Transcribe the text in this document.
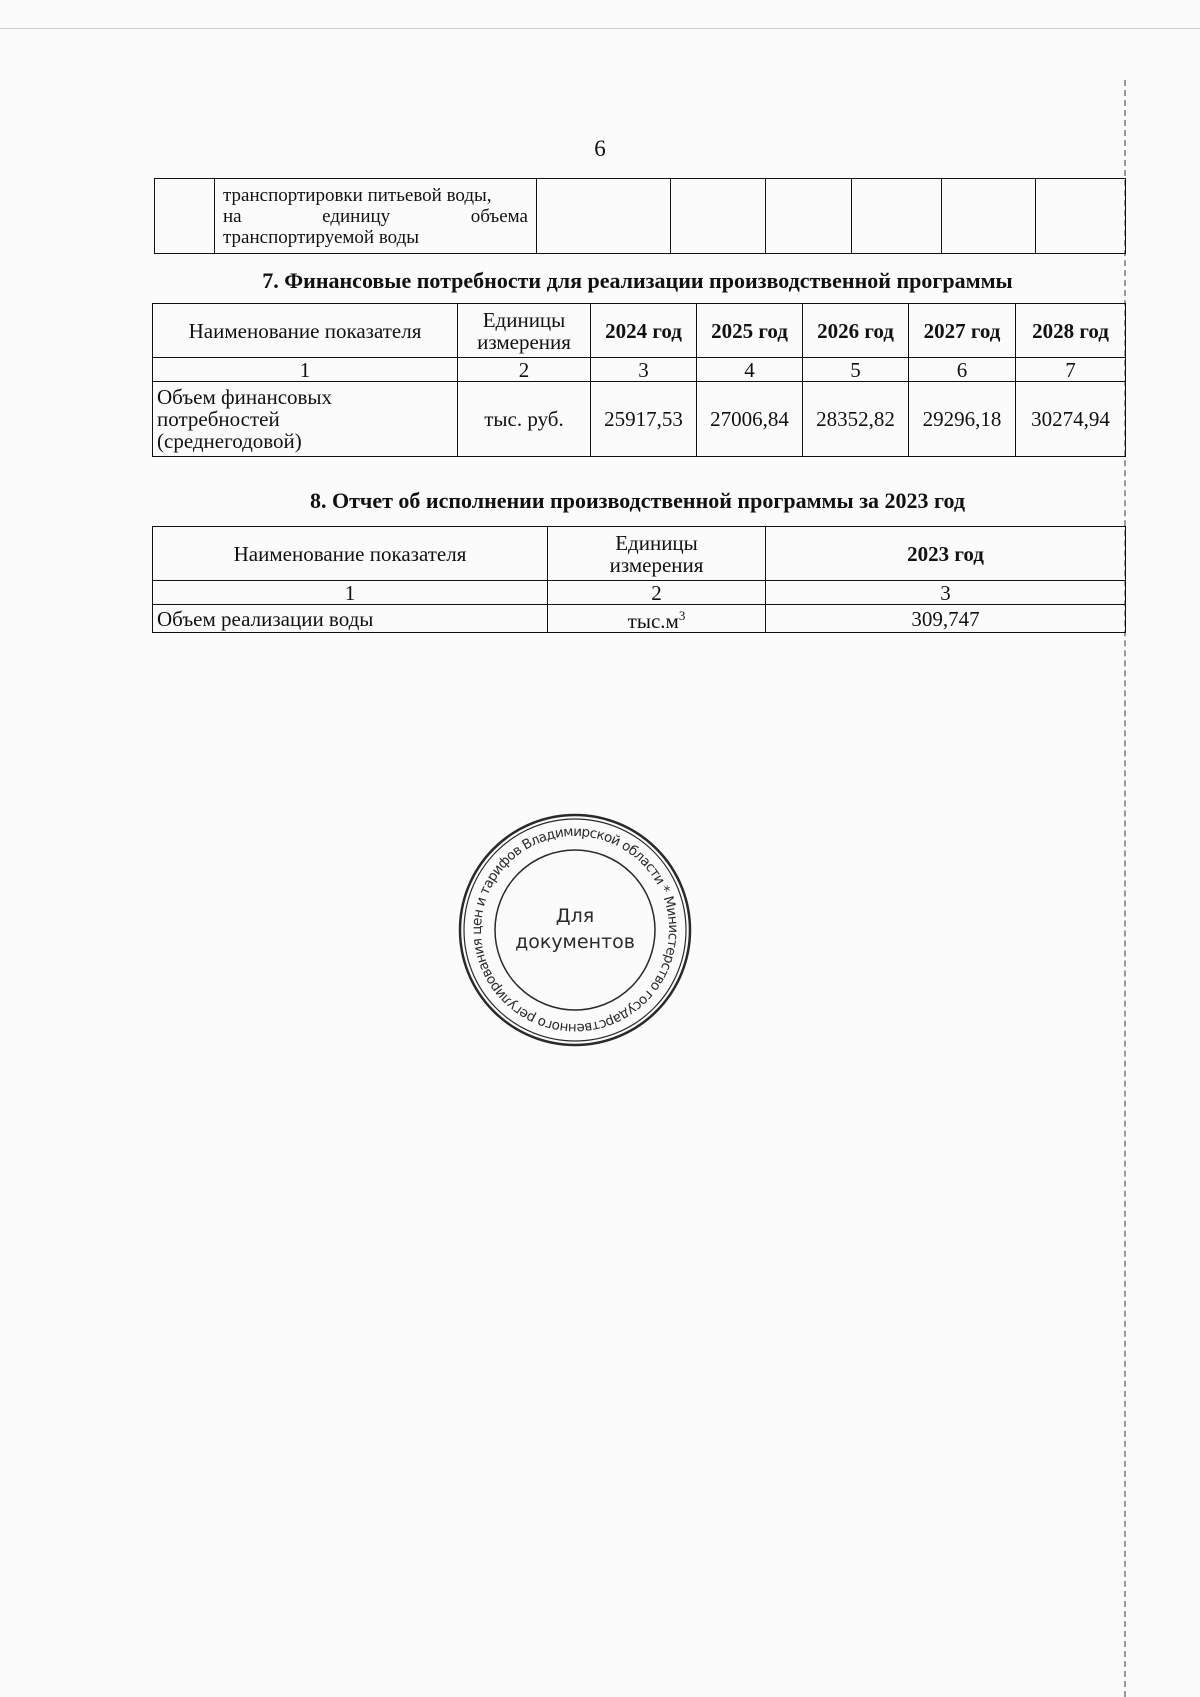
6

транспортировки питьевой воды,
на	единицу	объема
транспортируемой воды

7. Финансовые потребности для реализации производственной программы
Наименование показателя	Единицы измерения	2024 год	2025 год	2026 год	2027 год	2028 год
1	2	3	4	5	6	7
Объем финансовых потребностей (среднегодовой)	тыс. руб.	25917,53	27006,84	28352,82	29296,18	30274,94
8. Отчет об исполнении производственной программы за 2023 год
Наименование показателя	Единицы измерения	2023 год
1	2	3
Объем реализации воды	$тыс.м^3$	309,747
Министерство государственного регулирования цен и тарифов Владимирской области *
Для
документов
